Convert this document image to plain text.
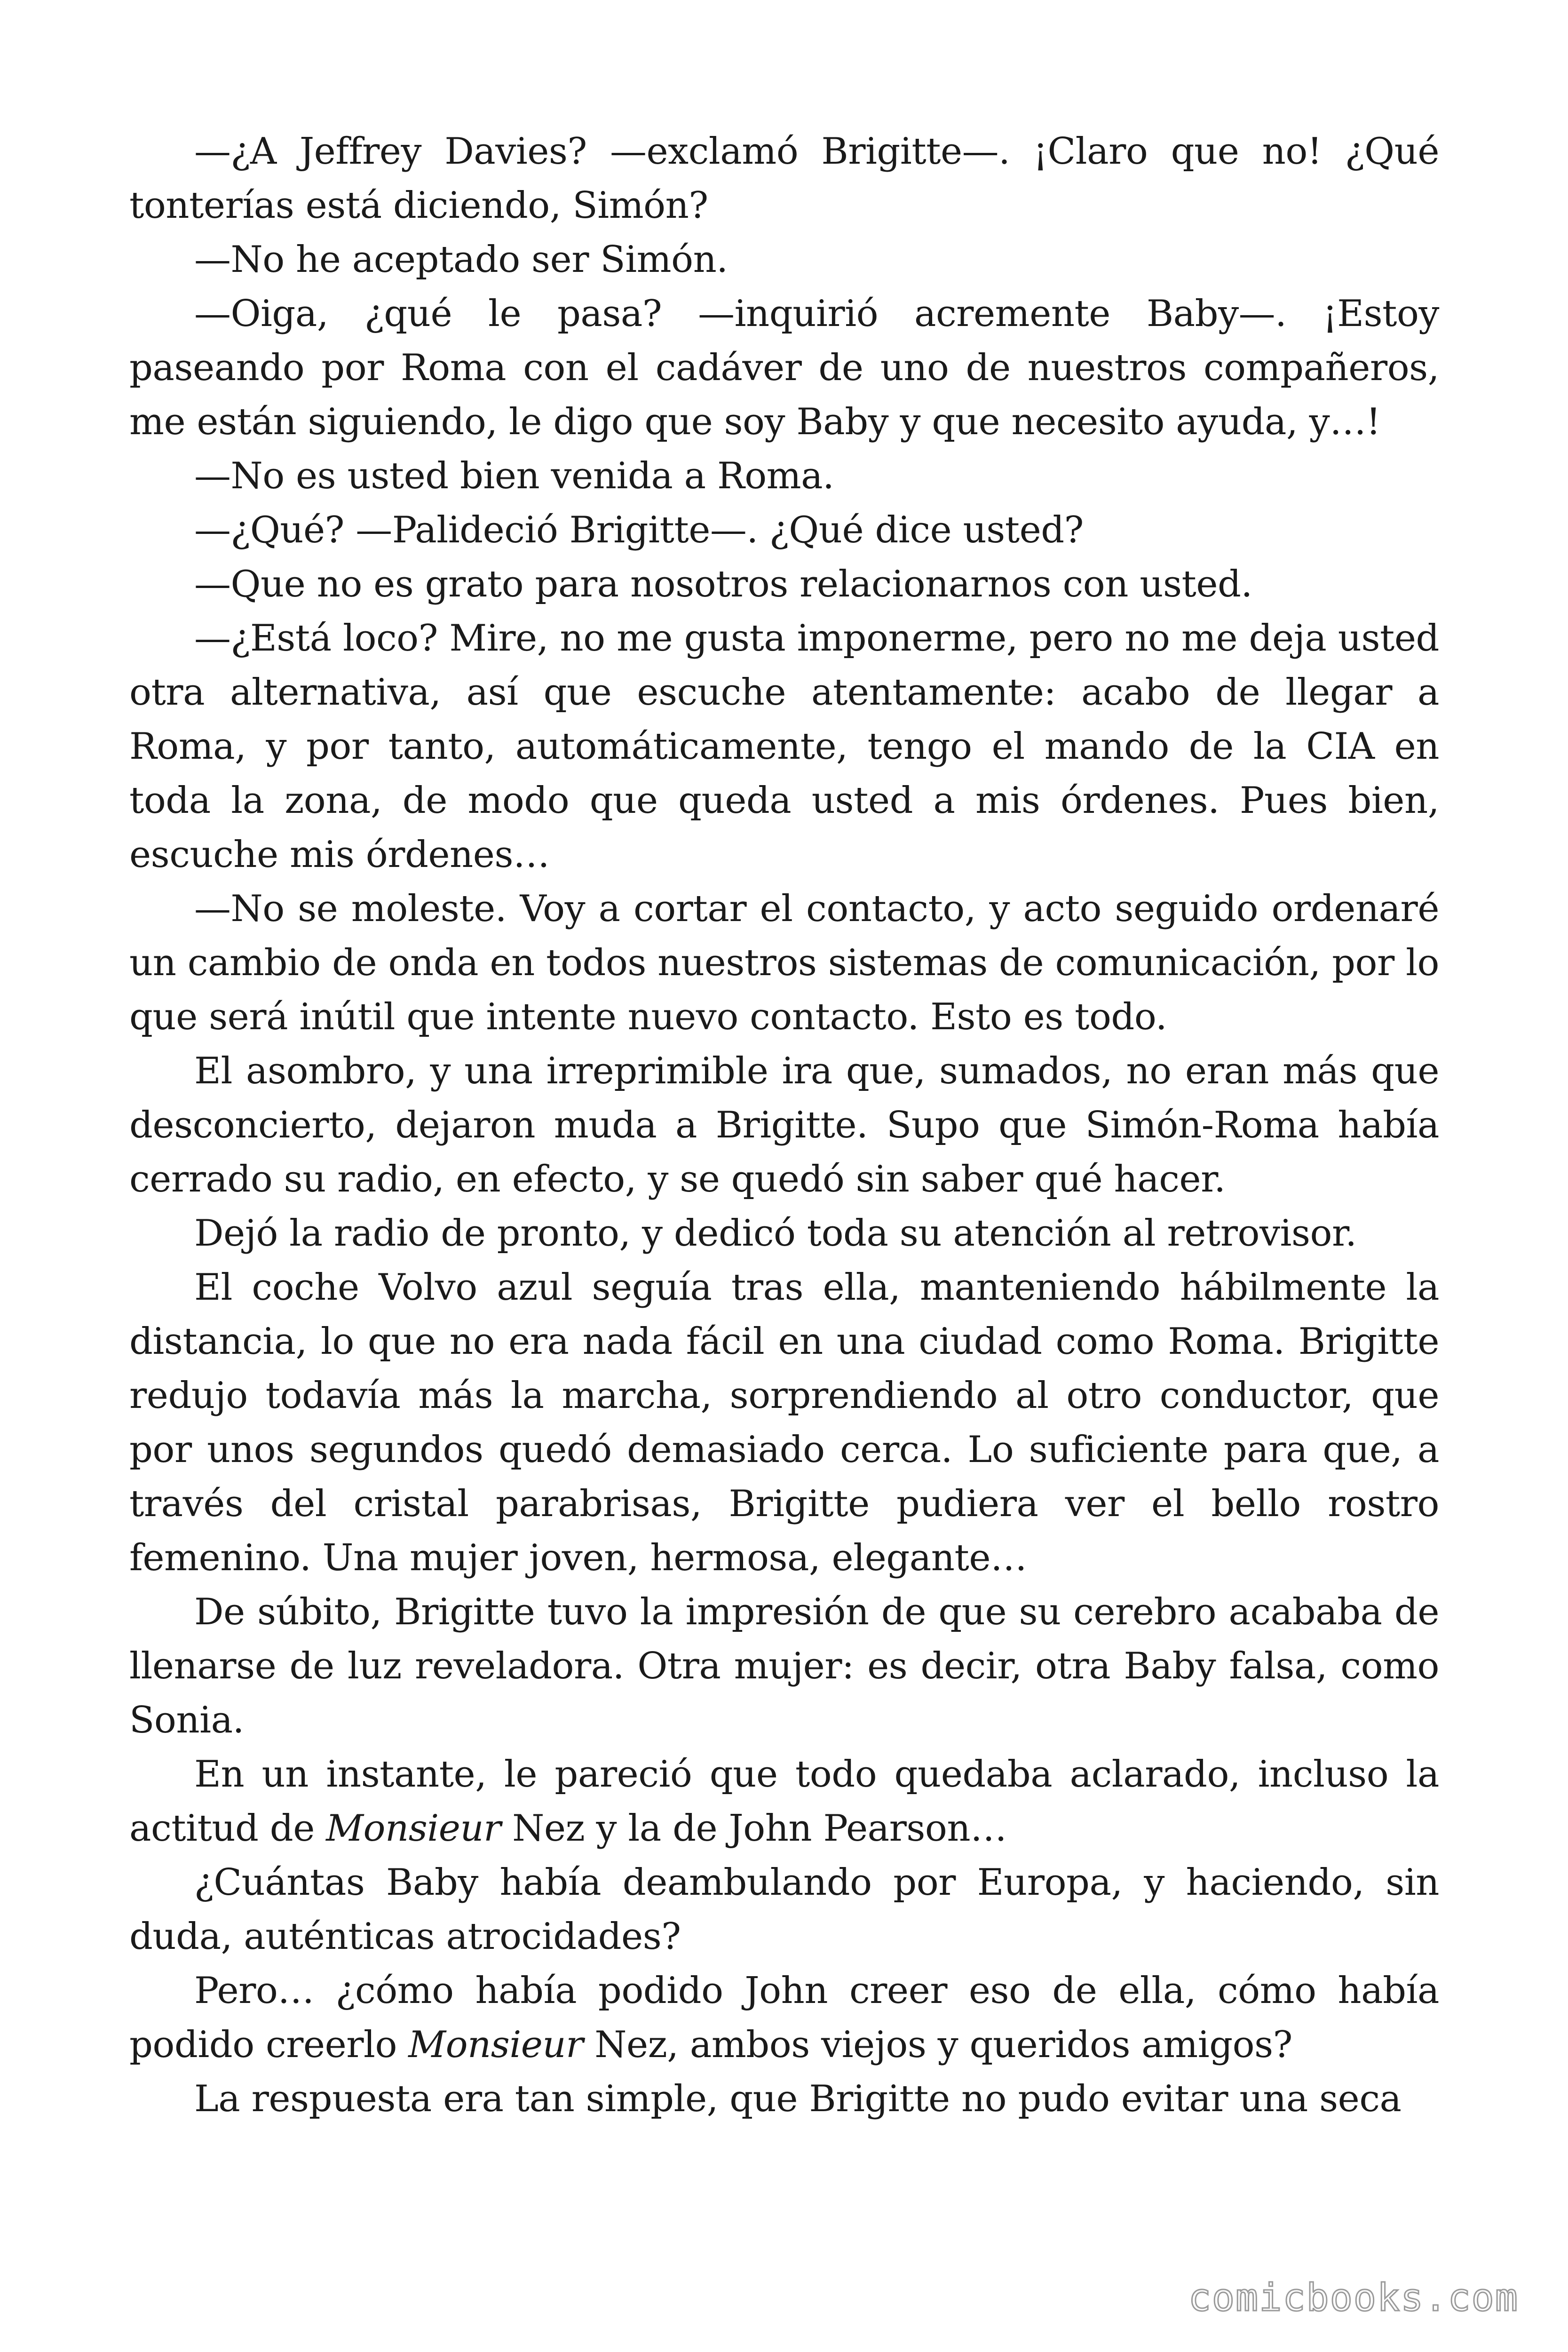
—¿A Jeffrey Davies? —exclamó Brigitte—. ¡Claro que no! ¿Qué tonterías está diciendo, Simón?

—No he aceptado ser Simón.

—Oiga, ¿qué le pasa? —inquirió acremente Baby—. ¡Estoy paseando por Roma con el cadáver de uno de nuestros compañeros, me están siguiendo, le digo que soy Baby y que necesito ayuda, y…!

—No es usted bien venida a Roma.

—¿Qué? —Palideció Brigitte—. ¿Qué dice usted?

—Que no es grato para nosotros relacionarnos con usted.

—¿Está loco? Mire, no me gusta imponerme, pero no me deja usted otra alternativa, así que escuche atentamente: acabo de llegar a Roma, y por tanto, automáticamente, tengo el mando de la CIA en toda la zona, de modo que queda usted a mis órdenes. Pues bien, escuche mis órdenes…

—No se moleste. Voy a cortar el contacto, y acto seguido ordenaré un cambio de onda en todos nuestros sistemas de comunicación, por lo que será inútil que intente nuevo contacto. Esto es todo.

El asombro, y una irreprimible ira que, sumados, no eran más que desconcierto, dejaron muda a Brigitte. Supo que Simón-Roma había cerrado su radio, en efecto, y se quedó sin saber qué hacer.

Dejó la radio de pronto, y dedicó toda su atención al retrovisor.

El coche Volvo azul seguía tras ella, manteniendo hábilmente la distancia, lo que no era nada fácil en una ciudad como Roma. Brigitte redujo todavía más la marcha, sorprendiendo al otro conductor, que por unos segundos quedó demasiado cerca. Lo suficiente para que, a través del cristal parabrisas, Brigitte pudiera ver el bello rostro femenino. Una mujer joven, hermosa, elegante…

De súbito, Brigitte tuvo la impresión de que su cerebro acababa de llenarse de luz reveladora. Otra mujer: es decir, otra Baby falsa, como Sonia.

En un instante, le pareció que todo quedaba aclarado, incluso la actitud de Monsieur Nez y la de John Pearson…

¿Cuántas Baby había deambulando por Europa, y haciendo, sin duda, auténticas atrocidades?

Pero… ¿cómo había podido John creer eso de ella, cómo había podido creerlo Monsieur Nez, ambos viejos y queridos amigos?

La respuesta era tan simple, que Brigitte no pudo evitar una seca

comicbooks.com
